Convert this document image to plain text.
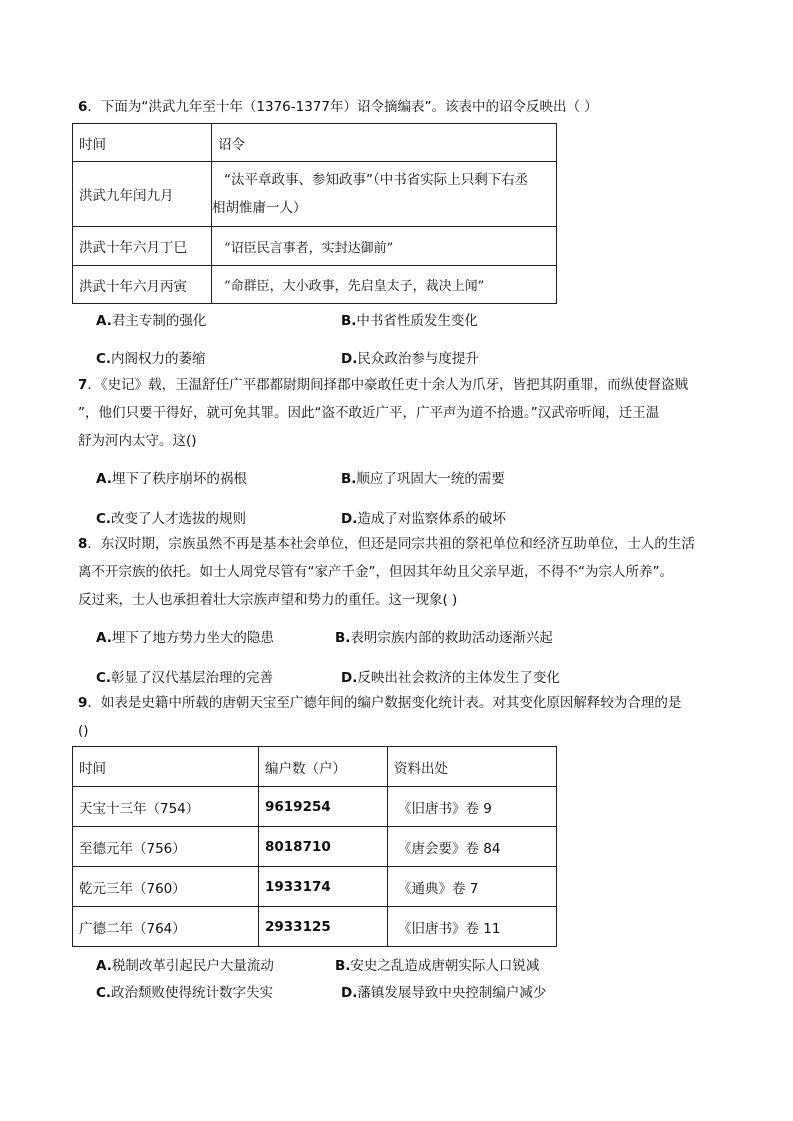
6．下面为“洪武九年至十年（1376-1377年）诏令摘编表”。该表中的诏令反映出（ ）
时间	诏令
洪武九年闰九月	“汰平章政事、参知政事”（中书省实际上只剩下右丞
相胡惟庸一人）

洪武十年六月丁巳	“诏臣民言事者，实封达御前”
洪武十年六月丙寅	“命群臣，大小政事，先启皇太子，裁决上闻”
A.君主专制的强化	B.中书省性质发生变化
C.内阁权力的萎缩	D.民众政治参与度提升
7．《史记》载，王温舒任广平郡都尉期间择郡中豪敢任吏十余人为爪牙，皆把其阴重罪，而纵使督盗贼
”，他们只要干得好，就可免其罪。因此“盗不敢近广平，广平声为道不拾遗。”汉武帝听闻，迁王温
舒为河内太守。这()
A.埋下了秩序崩坏的祸根	B.顺应了巩固大一统的需要
C.改变了人才选拔的规则	D.造成了对监察体系的破坏
8．东汉时期，宗族虽然不再是基本社会单位，但还是同宗共祖的祭祀单位和经济互助单位，士人的生活
离不开宗族的依托。如士人周党尽管有“家产千金”，但因其年幼且父亲早逝，不得不“为宗人所养”。
反过来，士人也承担着壮大宗族声望和势力的重任。这一现象( )
A.埋下了地方势力坐大的隐患	B.表明宗族内部的救助活动逐渐兴起
C.彰显了汉代基层治理的完善	D.反映出社会救济的主体发生了变化
9．如表是史籍中所载的唐朝天宝至广德年间的编户数据变化统计表。对其变化原因解释较为合理的是
()
时间	编户数（户）	资料出处
天宝十三年（754）	9619254	《旧唐书》卷 9
至德元年（756）	8018710	《唐会要》卷 84
乾元三年（760）	1933174	《通典》卷 7
广德二年（764）	2933125	《旧唐书》卷 11
A.税制改革引起民户大量流动	B.安史之乱造成唐朝实际人口锐减
C.政治颓败使得统计数字失实	D.藩镇发展导致中央控制编户减少
